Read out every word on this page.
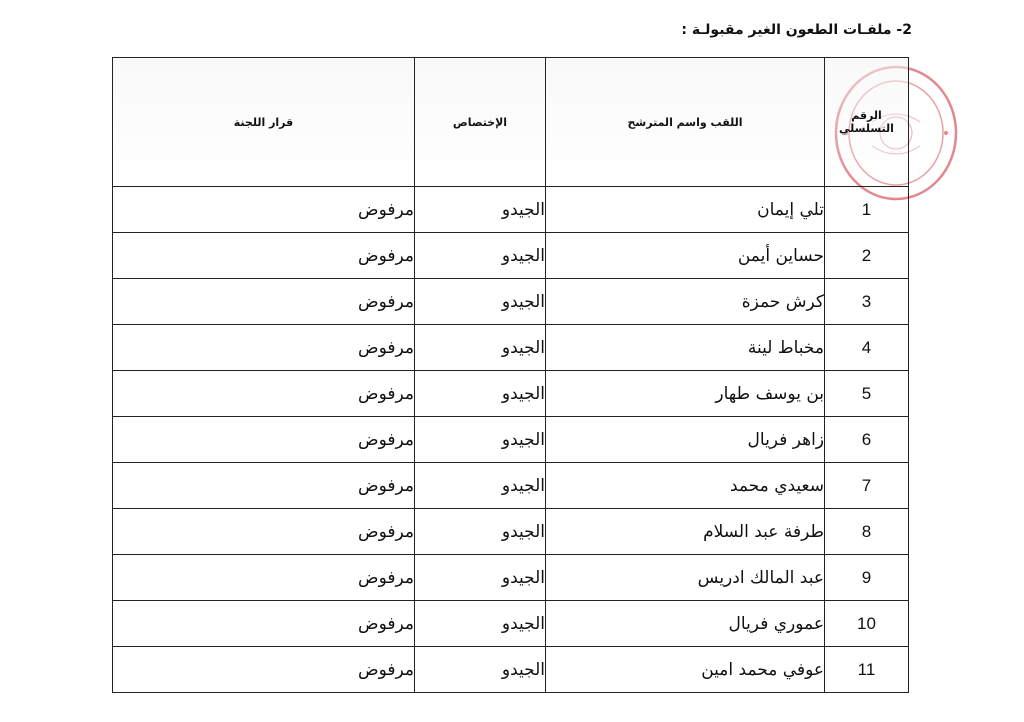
2- ملفـات الطعون الغير مقبولـة :
الرقم التسلسلي	اللقب واسم المترشح	الإختصاص	قرار اللجنة
1	تلي إيمان	الجيدو	مرفوض
2	حساين أيمن	الجيدو	مرفوض
3	كرش حمزة	الجيدو	مرفوض
4	مخباط لينة	الجيدو	مرفوض
5	بن يوسف طهار	الجيدو	مرفوض
6	زاهر فريال	الجيدو	مرفوض
7	سعيدي محمد	الجيدو	مرفوض
8	طرفة عبد السلام	الجيدو	مرفوض
9	عبد المالك ادريس	الجيدو	مرفوض
10	عموري فريال	الجيدو	مرفوض
11	عوفي محمد امين	الجيدو	مرفوض
